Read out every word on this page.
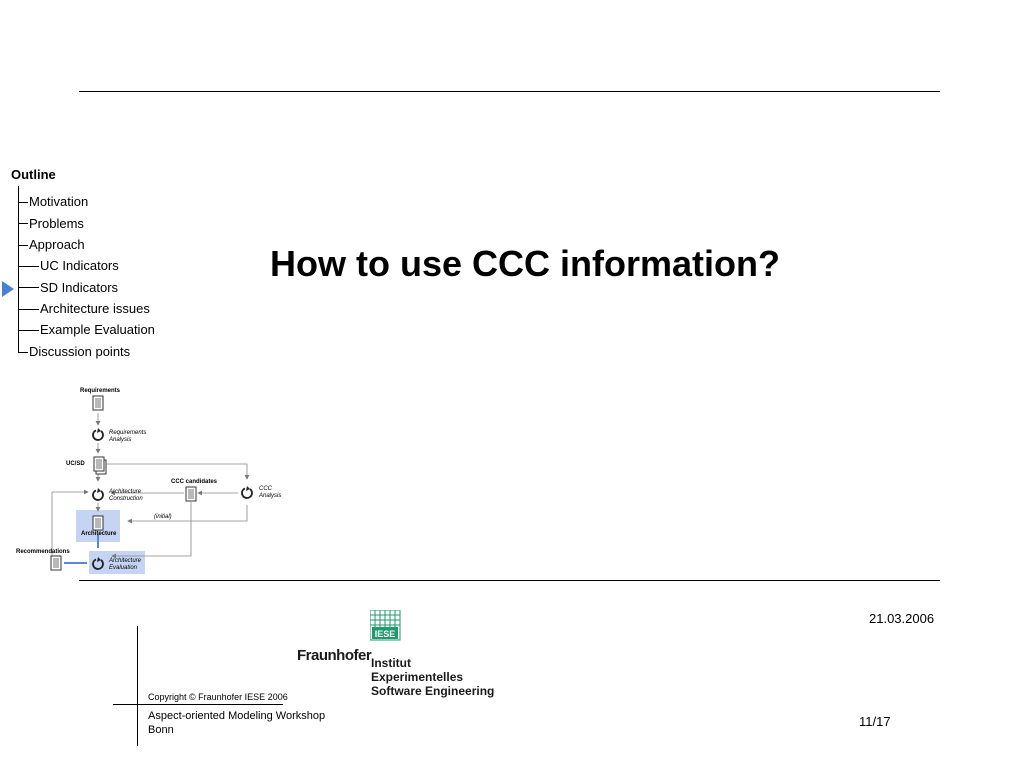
Outline
Motivation
Problems
Approach
UC Indicators
SD Indicators
Architecture issues
Example Evaluation
Discussion points
How to use CCC information?
Requirements
Requirements
Analysis
UC/SD
CCC candidates
CCC
Analysis
Architecture
Construction
(initial)
Architecture
Recommendations
Architecture
Evaluation
21.03.2006
Copyright © Fraunhofer IESE 2006
Aspect-oriented Modeling Workshop
Bonn
11/17
IESE
Fraunhofer Institut
Experimentelles
Software Engineering
